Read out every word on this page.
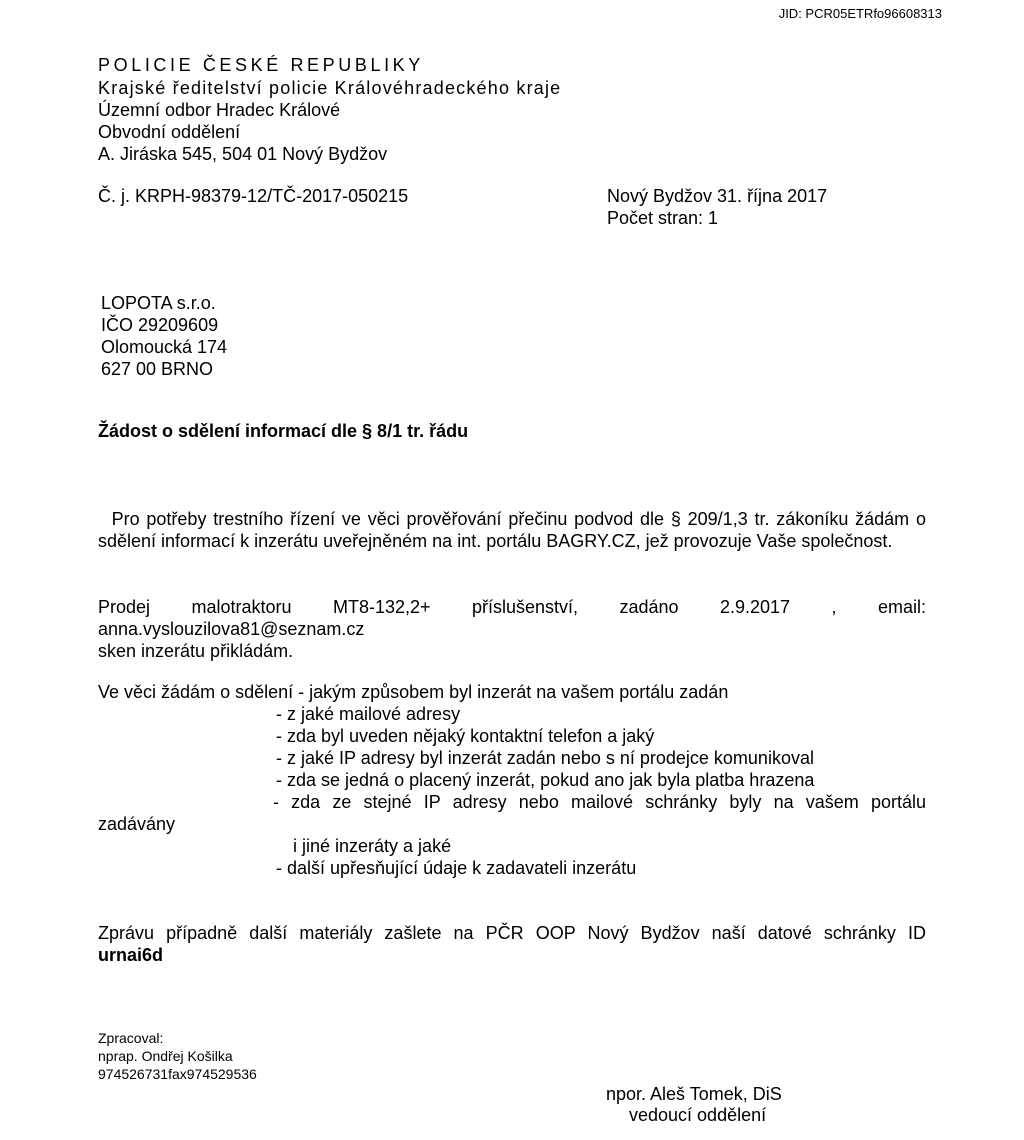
JID: PCR05ETRfo96608313
POLICIE ČESKÉ REPUBLIKY
Krajské ředitelství policie Královéhradeckého kraje
Územní odbor Hradec Králové
Obvodní oddělení
A. Jiráska 545, 504 01 Nový Bydžov
Č. j. KRPH-98379-12/TČ-2017-050215	Nový Bydžov 31. října 2017
Počet stran: 1
LOPOTA s.r.o.
IČO 29209609
Olomoucká 174
627 00 BRNO
Žádost o sdělení informací dle § 8/1 tr. řádu
Pro potřeby trestního řízení ve věci prověřování přečinu podvod dle § 209/1,3 tr. zákoníku žádám o sdělení informací k inzerátu uveřejněném na int. portálu BAGRY.CZ, jež provozuje Vaše společnost.
Prodej malotraktoru MT8-132,2+ příslušenství, zadáno 2.9.2017 , email:
anna.vyslouzilova81@seznam.cz
sken inzerátu přikládám.
Ve věci žádám o sdělení - jakým způsobem byl inzerát na vašem portálu zadán
- z jaké mailové adresy
- zda byl uveden nějaký kontaktní telefon a jaký
- z jaké IP adresy byl inzerát zadán nebo s ní prodejce komunikoval
- zda se jedná o placený inzerát, pokud ano jak byla platba hrazena
- zda ze stejné IP adresy nebo mailové schránky byly na vašem portálu
zadávány
i jiné inzeráty a jaké
- další upřesňující údaje k zadavateli inzerátu
Zprávu případně další materiály zašlete na PČR OOP Nový Bydžov naší datové schránky ID
urnai6d
Zpracoval:
nprap. Ondřej Košilka
974526731fax974529536
npor. Aleš Tomek, DiS
vedoucí oddělení
